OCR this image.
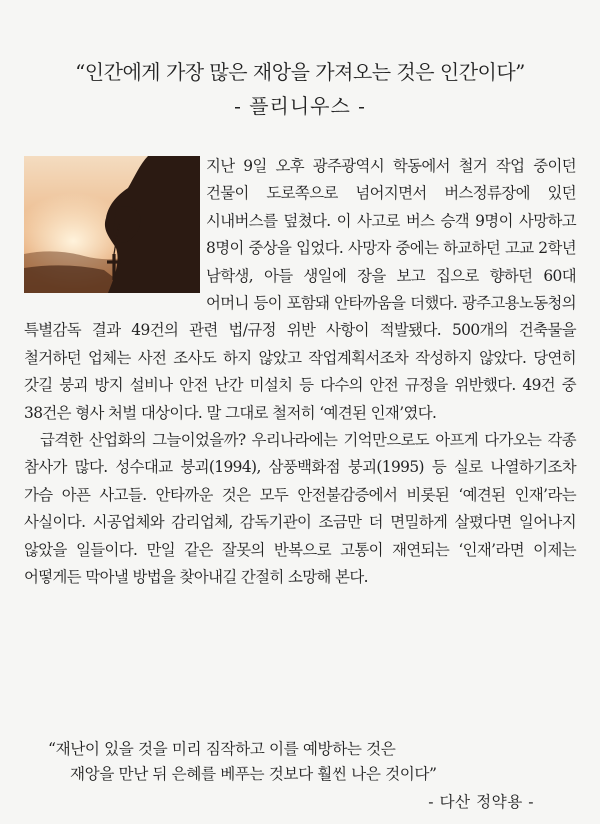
“인간에게 가장 많은 재앙을 가져오는 것은 인간이다”
- 플리니우스 -

지난 9일 오후 광주광역시 학동에서 철거 작업 중이던 건물이 도로쪽으로 넘어지면서 버스정류장에 있던 시내버스를 덮쳤다. 이 사고로 버스 승객 9명이 사망하고 8명이 중상을 입었다. 사망자 중에는 하교하던 고교 2학년 남학생, 아들 생일에 장을 보고 집으로 향하던 60대 어머니 등이 포함돼 안타까움을 더했다. 광주고용노동청의 특별감독 결과 49건의 관련 법/규정 위반 사항이 적발됐다. 500개의 건축물을 철거하던 업체는 사전 조사도 하지 않았고 작업계획서조차 작성하지 않았다. 당연히 갓길 붕괴 방지 설비나 안전 난간 미설치 등 다수의 안전 규정을 위반했다. 49건 중 38건은 형사 처벌 대상이다. 말 그대로 철저히 ‘예견된 인재’였다.

급격한 산업화의 그늘이었을까? 우리나라에는 기억만으로도 아프게 다가오는 각종 참사가 많다. 성수대교 붕괴(1994), 삼풍백화점 붕괴(1995) 등 실로 나열하기조차 가슴 아픈 사고들. 안타까운 것은 모두 안전불감증에서 비롯된 ‘예견된 인재’라는 사실이다. 시공업체와 감리업체, 감독기관이 조금만 더 면밀하게 살폈다면 일어나지 않았을 일들이다. 만일 같은 잘못의 반복으로 고통이 재연되는 ‘인재’라면 이제는 어떻게든 막아낼 방법을 찾아내길 간절히 소망해 본다.

“재난이 있을 것을 미리 짐작하고 이를 예방하는 것은
재앙을 만난 뒤 은혜를 베푸는 것보다 훨씬 나은 것이다”
- 다산 정약용 -
